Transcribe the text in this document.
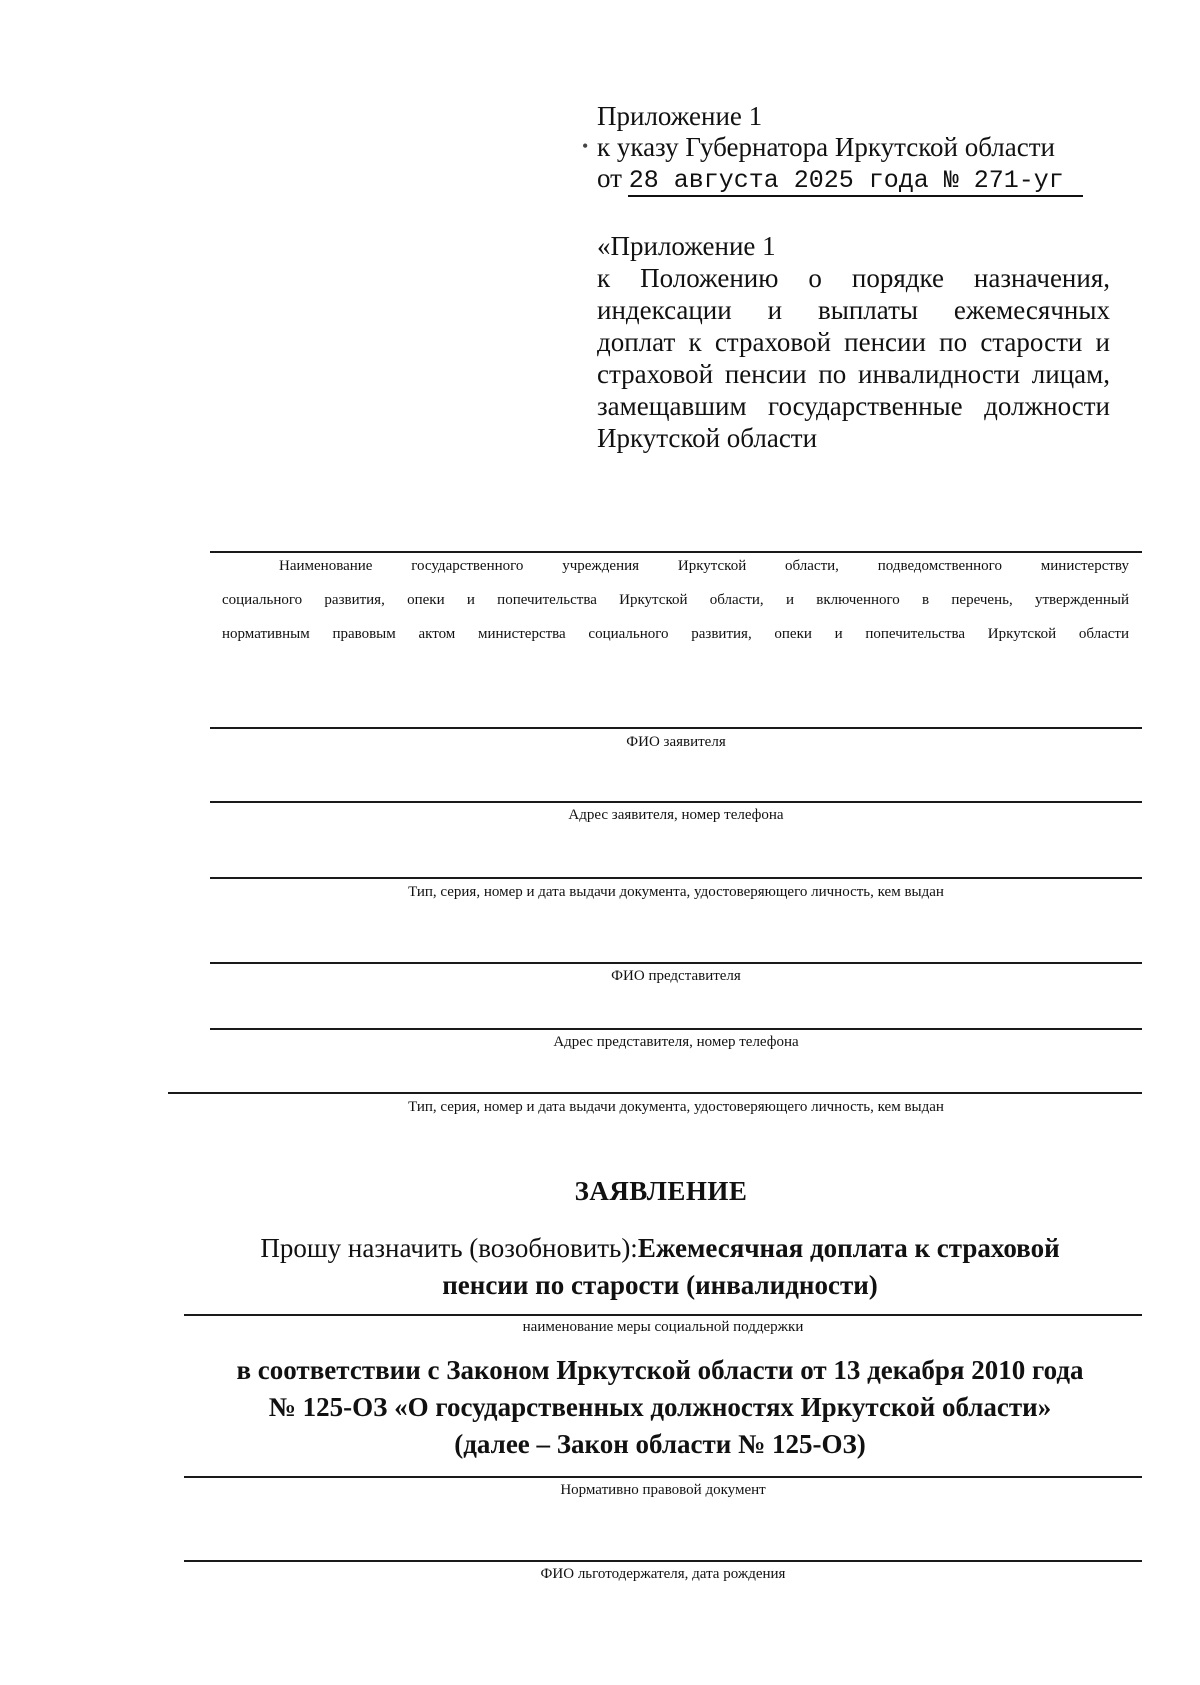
Приложение 1
• к указу Губернатора Иркутской области
от 28 августа 2025 года № 271-уг
«Приложение 1
к Положению о порядке назначения,
индексации и выплаты ежемесячных
доплат к страховой пенсии по старости и
страховой пенсии по инвалидности лицам,
замещавшим государственные должности
Иркутской области
Наименование государственного учреждения Иркутской области, подведомственного министерству
социального развития, опеки и попечительства Иркутской области, и включенного в перечень, утвержденный
нормативным правовым актом министерства социального развития, опеки и попечительства Иркутской области
ФИО заявителя
Адрес заявителя, номер телефона
Тип, серия, номер и дата выдачи документа, удостоверяющего личность, кем выдан
ФИО представителя
Адрес представителя, номер телефона
Тип, серия, номер и дата выдачи документа, удостоверяющего личность, кем выдан
ЗАЯВЛЕНИЕ
Прошу назначить (возобновить):Ежемесячная доплата к страховой
пенсии по старости (инвалидности)
наименование меры социальной поддержки
в соответствии с Законом Иркутской области от 13 декабря 2010 года
№ 125-ОЗ «О государственных должностях Иркутской области»
(далее – Закон области № 125-ОЗ)
Нормативно правовой документ
ФИО льготодержателя, дата рождения
